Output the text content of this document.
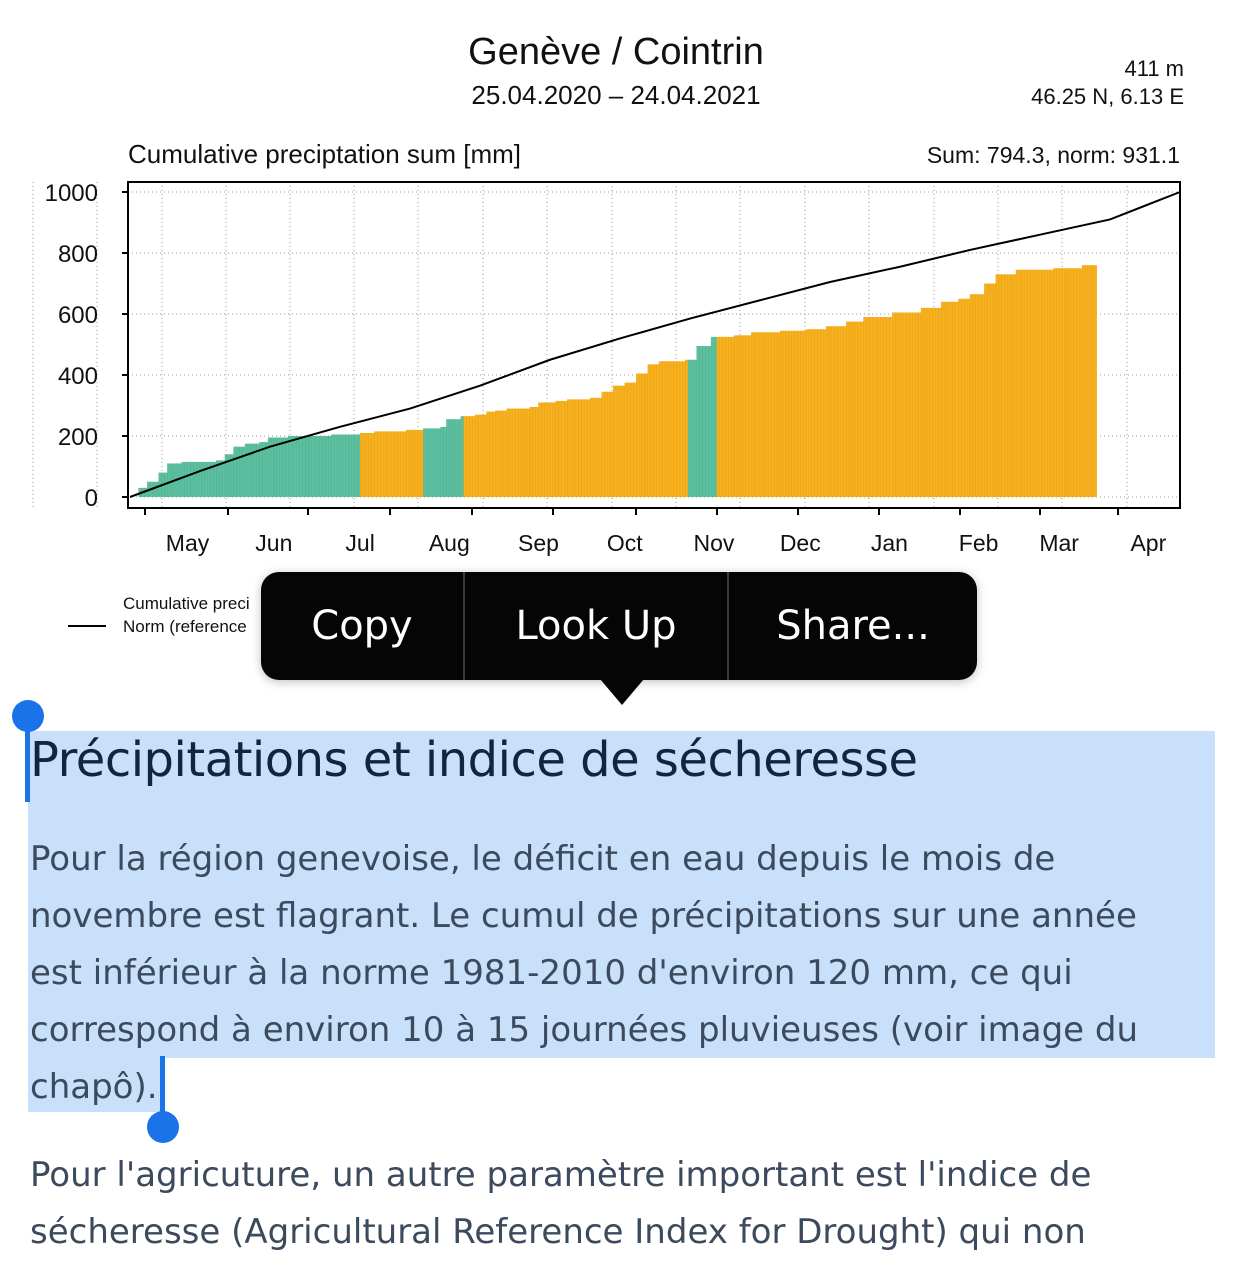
Genève / Cointrin
25.04.2020 – 24.04.2021
411 m
46.25 N, 6.13 E
Cumulative preciptation sum [mm]	Sum: 794.3, norm: 931.1
0
200
400
600
800
1000
May Jun Jul Aug Sep Oct Nov Dec Jan Feb Mar Apr
Cumulative preci
Norm (reference
Précipitations et indice de sécheresse

Pour la région genevoise, le déficit en eau depuis le mois de

novembre est flagrant. Le cumul de précipitations sur une année

est inférieur à la norme 1981-2010 d'environ 120 mm, ce qui

correspond à environ 10 à 15 journées pluvieuses (voir image du

chapô).

Pour l'agricuture, un autre paramètre important est l'indice de

sécheresse (Agricultural Reference Index for Drought) qui non

Copy	Look Up	Share...
